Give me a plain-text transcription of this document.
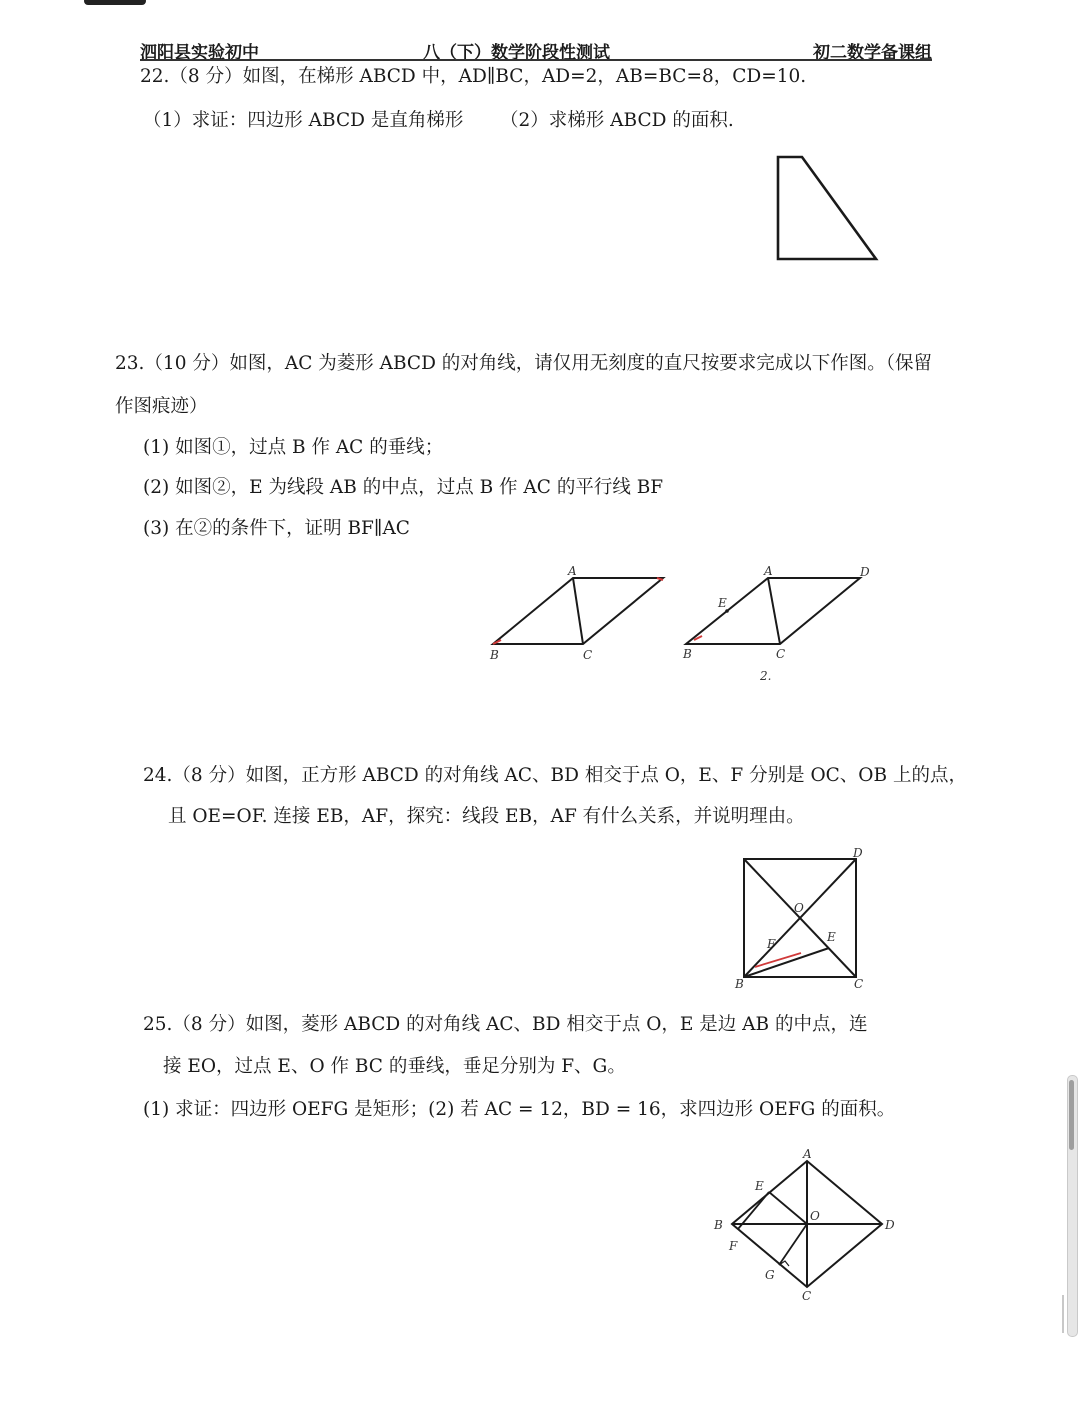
泗阳县实验初中	八（下）数学阶段性测试	初二数学备课组
22.（8 分）如图，在梯形 ABCD 中，AD∥BC，AD=2，AB=BC=8，CD=10.
（1）求证：四边形 ABCD 是直角梯形 （2）求梯形 ABCD 的面积.
23.（10 分）如图，AC 为菱形 ABCD 的对角线，请仅用无刻度的直尺按要求完成以下作图。（保留
作图痕迹）
(1) 如图①，过点 B 作 AC 的垂线；
(2) 如图②，E 为线段 AB 的中点，过点 B 作 AC 的平行线 BF
(3) 在②的条件下，证明 BF∥AC
A
B	C
A	D
E
B	C
2.
24.（8 分）如图，正方形 ABCD 的对角线 AC、BD 相交于点 O，E、F 分别是 OC、OB 上的点，
且 OE=OF. 连接 EB，AF，探究：线段 EB，AF 有什么关系，并说明理由。
D
O
E
F
B	C
25.（8 分）如图，菱形 ABCD 的对角线 AC、BD 相交于点 O，E 是边 AB 的中点，连
接 EO，过点 E、O 作 BC 的垂线，垂足分别为 F、G。
(1) 求证：四边形 OEFG 是矩形；(2) 若 AC = 12，BD = 16，求四边形 OEFG 的面积。
A
E
B
O
D
F
G
C
